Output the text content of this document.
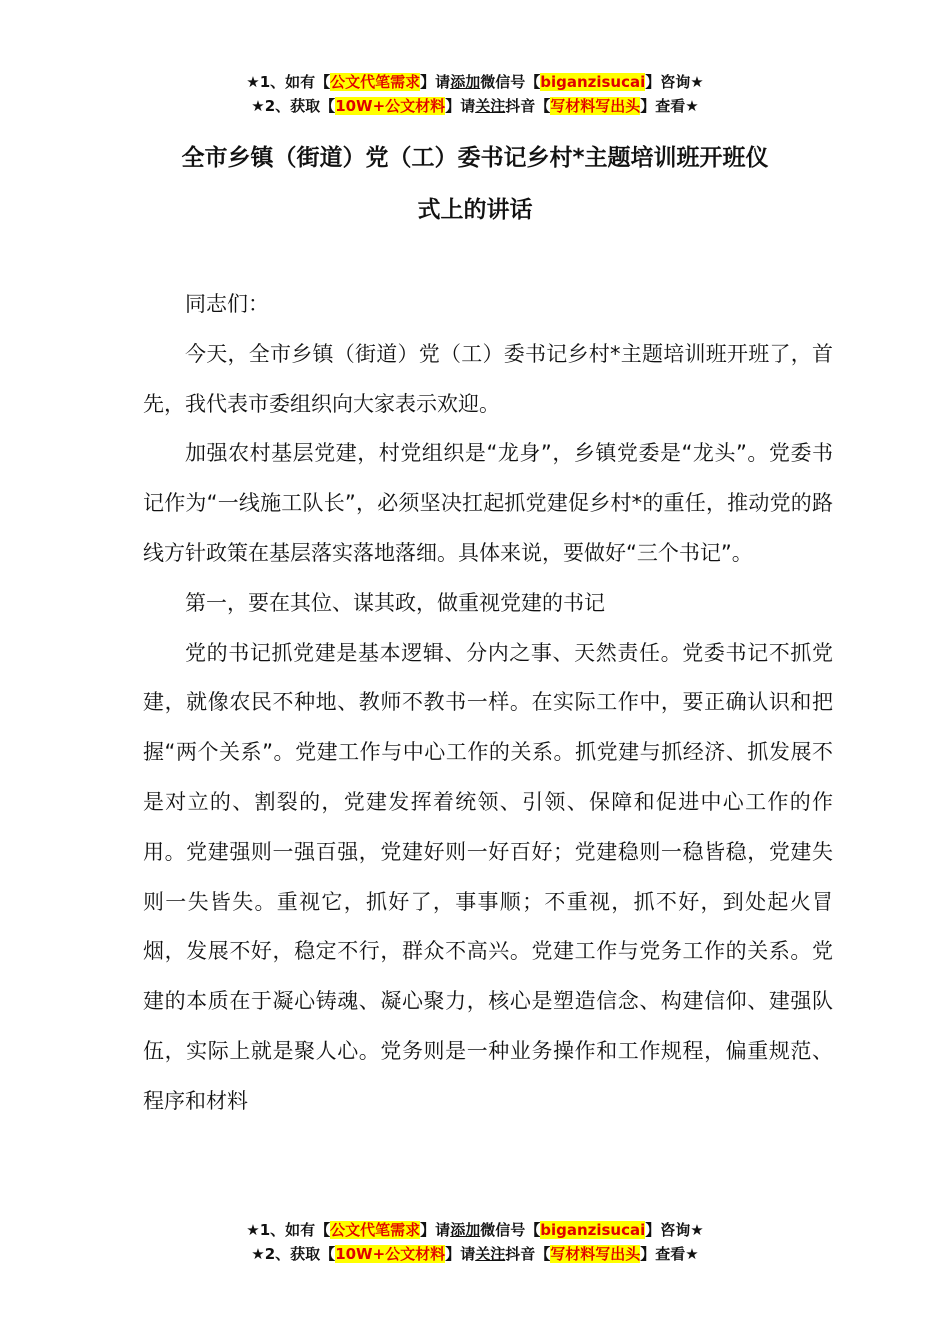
★1、如有【公文代笔需求】请添加微信号【biganzisucai】咨询★
★2、获取【10W+公文材料】请关注抖音【写材料写出头】查看★
全市乡镇（街道）党（工）委书记乡村*主题培训班开班仪
式上的讲话

同志们：

今天，全市乡镇（街道）党（工）委书记乡村*主题培训班开班了，首先，我代表市委组织向大家表示欢迎。

加强农村基层党建，村党组织是“龙身”，乡镇党委是“龙头”。党委书记作为“一线施工队长”，必须坚决扛起抓党建促乡村*的重任，推动党的路线方针政策在基层落实落地落细。具体来说，要做好“三个书记”。

第一，要在其位、谋其政，做重视党建的书记

党的书记抓党建是基本逻辑、分内之事、天然责任。党委书记不抓党建，就像农民不种地、教师不教书一样。在实际工作中，要正确认识和把握“两个关系”。党建工作与中心工作的关系。抓党建与抓经济、抓发展不是对立的、割裂的，党建发挥着统领、引领、保障和促进中心工作的作用。党建强则一强百强，党建好则一好百好；党建稳则一稳皆稳，党建失则一失皆失。重视它，抓好了，事事顺；不重视，抓不好，到处起火冒烟，发展不好，稳定不行，群众不高兴。党建工作与党务工作的关系。党建的本质在于凝心铸魂、凝心聚力，核心是塑造信念、构建信仰、建强队伍，实际上就是聚人心。党务则是一种业务操作和工作规程，偏重规范、程序和材料

★1、如有【公文代笔需求】请添加微信号【biganzisucai】咨询★
★2、获取【10W+公文材料】请关注抖音【写材料写出头】查看★
